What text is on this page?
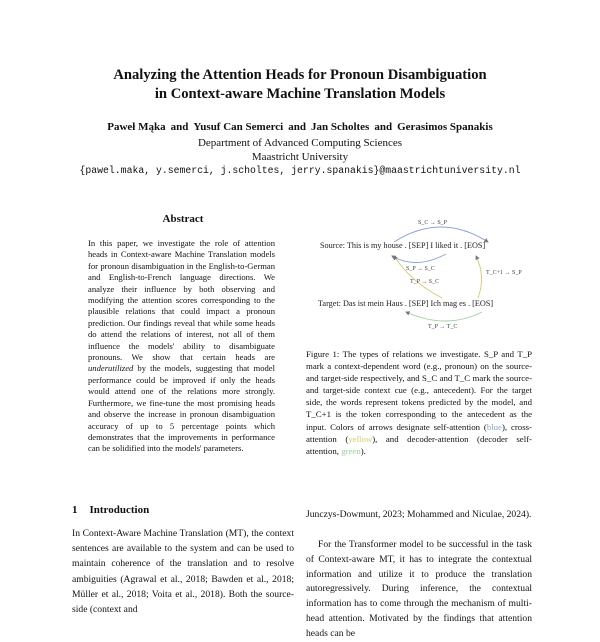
Analyzing the Attention Heads for Pronoun Disambiguation
in Context-aware Machine Translation Models
Paweł Mąka and Yusuf Can Semerci and Jan Scholtes and Gerasimos Spanakis
Department of Advanced Computing Sciences
Maastricht University
{pawel.maka, y.semerci, j.scholtes, jerry.spanakis}@maastrichtuniversity.nl
Abstract

In this paper, we investigate the role of attention heads in Context-aware Machine Translation models for pronoun disambiguation in the English-to-German and English-to-French language directions. We analyze their influence by both observing and modifying the attention scores corresponding to the plausible relations that could impact a pronoun prediction. Our findings reveal that while some heads do attend the relations of interest, not all of them influence the models' ability to disambiguate pronouns. We show that certain heads are underutilized by the models, suggesting that model performance could be improved if only the heads would attend one of the relations more strongly. Furthermore, we fine-tune the most promising heads and observe the increase in pronoun disambiguation accuracy of up to 5 percentage points which demonstrates that the improvements in performance can be solidified into the models' parameters.

1 Introduction

In Context-Aware Machine Translation (MT), the context sentences are available to the system and can be used to maintain coherence of the translation and to resolve ambiguities (Agrawal et al., 2018; Bawden et al., 2018; Müller et al., 2018; Voita et al., 2018). Both the source-side (context and

S_C → S_P
Source: This is my house . [SEP] I liked it . [EOS]
S_P → S_C
T_P → S_C
T_C+1 → S_P
Target: Das ist mein Haus . [SEP] Ich mag es . [EOS]
T_P → T_C

Figure 1: The types of relations we investigate. S_P and T_P mark a context-dependent word (e.g., pronoun) on the source- and target-side respectively, and S_C and T_C mark the source- and target-side context cue (e.g., antecedent). For the target side, the words represent tokens predicted by the model, and T_C+1 is the token corresponding to the antecedent as the input. Colors of arrows designate self-attention (blue), cross-attention (yellow), and decoder-attention (decoder self-attention, green).

Junczys-Dowmunt, 2023; Mohammed and Niculae, 2024).

For the Transformer model to be successful in the task of Context-aware MT, it has to integrate the contextual information and utilize it to produce the translation autoregressively. During inference, the contextual information has to come through the mechanism of multi-head attention. Motivated by the findings that attention heads can be
